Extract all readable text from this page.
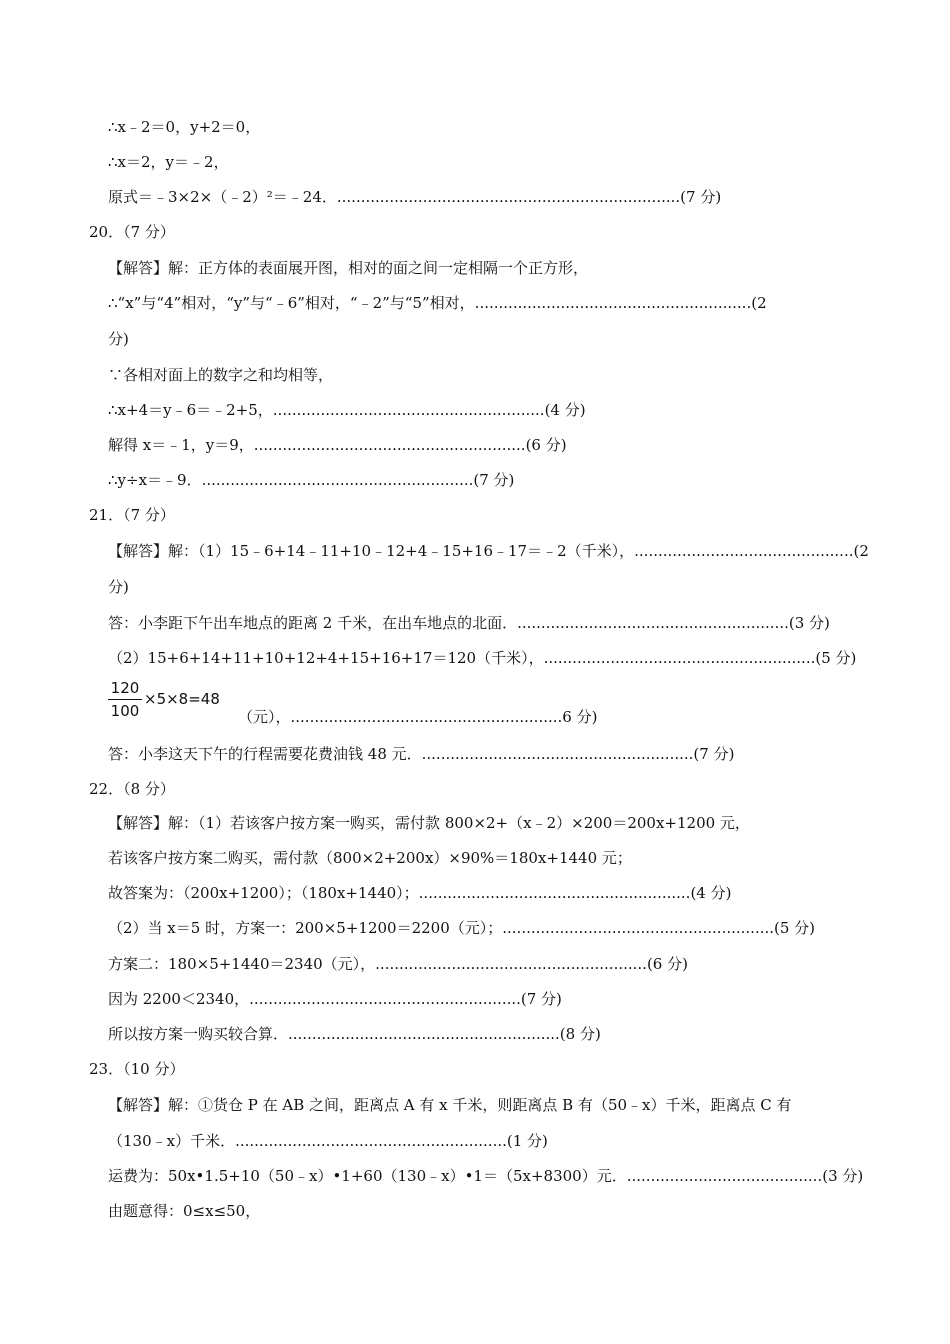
∴x﹣2＝0，y+2＝0，
∴x＝2，y＝﹣2，
原式＝﹣3×2×（﹣2）²＝﹣24．........................................................................(7 分)
20．（7 分）
【解答】解：正方体的表面展开图，相对的面之间一定相隔一个正方形，
∴“x”与“4”相对，“y”与“﹣6”相对，“﹣2”与“5”相对，..........................................................(2
分)
∵各相对面上的数字之和均相等，
∴x+4＝y﹣6＝﹣2+5，.........................................................(4 分)
解得 x＝﹣1，y＝9，.........................................................(6 分)
∴y÷x＝﹣9．.........................................................(7 分)
21．（7 分）
【解答】解：（1）15﹣6+14﹣11+10﹣12+4﹣15+16﹣17＝﹣2（千米），..............................................(2
分)
答：小李距下午出车地点的距离 2 千米，在出车地点的北面．.........................................................(3 分)
（2）15+6+14+11+10+12+4+15+16+17＝120（千米），.........................................................(5 分)
120
100
×5×8=48
（元），.........................................................6 分)
答：小李这天下午的行程需要花费油钱 48 元．.........................................................(7 分)
22．（8 分）
【解答】解：（1）若该客户按方案一购买，需付款 800×2+（x﹣2）×200＝200x+1200 元，
若该客户按方案二购买，需付款（800×2+200x）×90%＝180x+1440 元；
故答案为：（200x+1200）；（180x+1440）；.........................................................(4 分)
（2）当 x＝5 时，方案一：200×5+1200＝2200（元）；.........................................................(5 分)
方案二：180×5+1440＝2340（元），.........................................................(6 分)
因为 2200＜2340，.........................................................(7 分)
所以按方案一购买较合算．.........................................................(8 分)
23．（10 分）
【解答】解：①货仓 P 在 AB 之间，距离点 A 有 x 千米，则距离点 B 有（50﹣x）千米，距离点 C 有
（130﹣x）千米．.........................................................(1 分)
运费为：50x•1.5+10（50﹣x）•1+60（130﹣x）•1＝（5x+8300）元．.........................................(3 分)
由题意得：0≤x≤50，
